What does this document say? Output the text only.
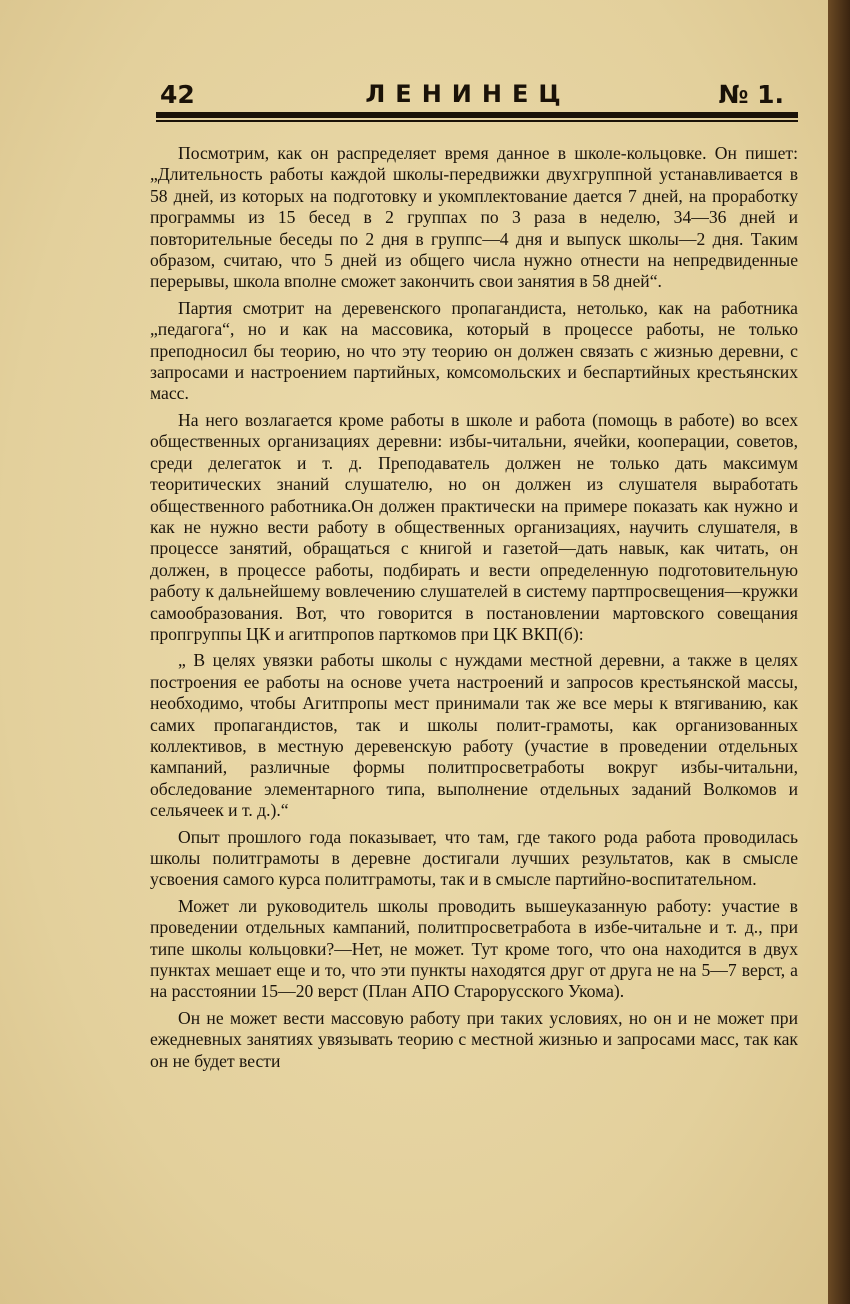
42	ЛЕНИНЕЦ	№ 1.

Посмотрим, как он распределяет время данное в школе-кольцовке. Он пишет: „Длительность работы каждой школы-передвижки двухгруппной устанавливается в 58 дней, из которых на подготовку и укомплектование дается 7 дней, на проработку программы из 15 бесед в 2 группах по 3 раза в неделю, 34—36 дней и повторительные беседы по 2 дня в группс—4 дня и выпуск школы—2 дня. Таким образом, считаю, что 5 дней из общего числа нужно отнести на непредвиденные перерывы, школа вполне сможет закончить свои занятия в 58 дней“.

Партия смотрит на деревенского пропагандиста, нетолько, как на работника „педагога“, но и как на массовика, который в процессе работы, не только преподносил бы теорию, но что эту теорию он должен связать с жизнью деревни, с запросами и настроением партийных, комсомольских и беспартийных крестьянских масс.

На него возлагается кроме работы в школе и работа (помощь в работе) во всех общественных организациях деревни: избы-читальни, ячейки, кооперации, советов, среди делегаток и т. д. Преподаватель должен не только дать максимум теоритических знаний слушателю, но он должен из слушателя выработать общественного работника.Он должен практически на примере показать как нужно и как не нужно вести работу в общественных организациях, научить слушателя, в процессе занятий, обращаться с книгой и газетой—дать навык, как читать, он должен, в процессе работы, подбирать и вести определенную подготовительную работу к дальнейшему вовлечению слушателей в систему партпросвещения—кружки самообразования. Вот, что говорится в постановлении мартовского совещания пропгруппы ЦК и агитпропов парткомов при ЦК ВКП(б):

„ В целях увязки работы школы с нуждами местной деревни, а также в целях построения ее работы на основе учета настроений и запросов крестьянской массы, необходимо, чтобы Агитпропы мест принимали так же все меры к втягиванию, как самих пропагандистов, так и школы полит-грамоты, как организованных коллективов, в местную деревенскую работу (участие в проведении отдельных кампаний, различные формы политпросветработы вокруг избы-читальни, обследование элементарного типа, выполнение отдельных заданий Волкомов и сельячеек и т. д.).“

Опыт прошлого года показывает, что там, где такого рода работа проводилась школы политграмоты в деревне достигали лучших результатов, как в смысле усвоения самого курса политграмоты, так и в смысле партийно-воспитательном.

Может ли руководитель школы проводить вышеуказанную работу: участие в проведении отдельных кампаний, политпросветработа в избе-читальне и т. д., при типе школы кольцовки?—Нет, не может. Тут кроме того, что она находится в двух пунктах мешает еще и то, что эти пункты находятся друг от друга не на 5—7 верст, а на расстоянии 15—20 верст (План АПО Старорусского Укома).

Он не может вести массовую работу при таких условиях, но он и не может при ежедневных занятиях увязывать теорию с местной жизнью и запросами масс, так как он не будет вести
